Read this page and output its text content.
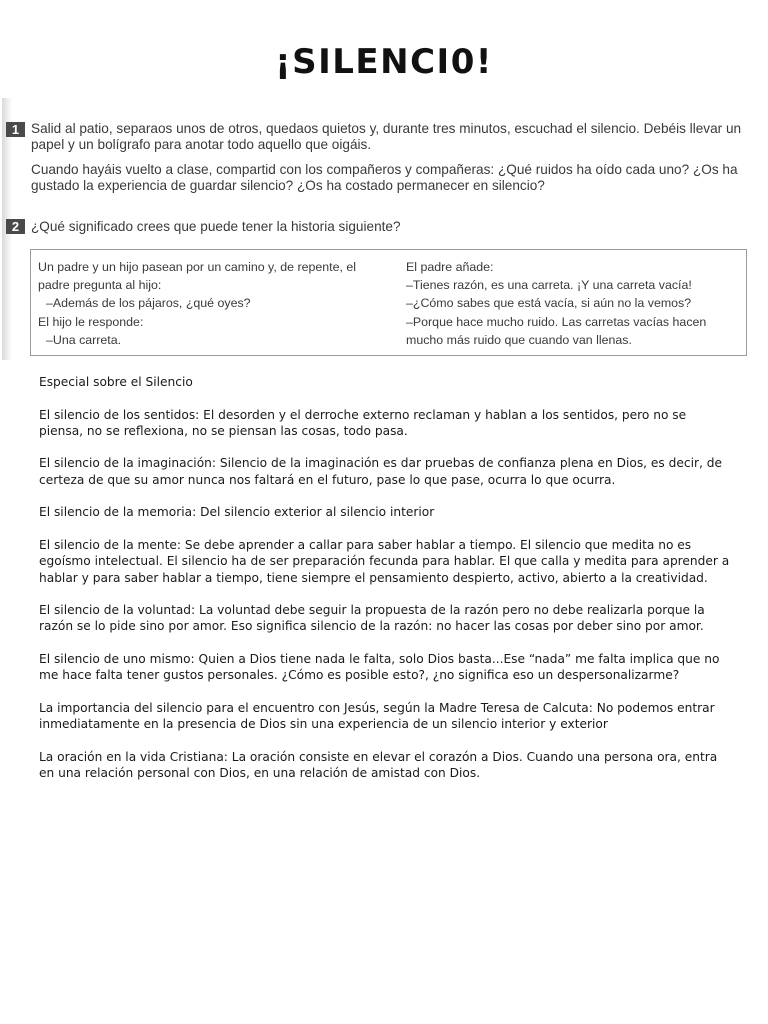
¡SILENCI0!
1 Salid al patio, separaos unos de otros, quedaos quietos y, durante tres minutos, escuchad el silencio. Debéis llevar un papel y un bolígrafo para anotar todo aquello que oigáis.
Cuando hayáis vuelto a clase, compartid con los compañeros y compañeras: ¿Qué ruidos ha oído cada uno? ¿Os ha gustado la experiencia de guardar silencio? ¿Os ha costado permanecer en silencio?
2 ¿Qué significado crees que puede tener la historia siguiente?
Un padre y un hijo pasean por un camino y, de repente, el
padre pregunta al hijo:
–Además de los pájaros, ¿qué oyes?
El hijo le responde:
–Una carreta.
El padre añade:
–Tienes razón, es una carreta. ¡Y una carreta vacía!
–¿Cómo sabes que está vacía, si aún no la vemos?
–Porque hace mucho ruido. Las carretas vacías hacen
mucho más ruido que cuando van llenas.

Especial sobre el Silencio

El silencio de los sentidos: El desorden y el derroche externo reclaman y hablan a los sentidos, pero no se piensa, no se reflexiona, no se piensan las cosas, todo pasa.

El silencio de la imaginación: Silencio de la imaginación es dar pruebas de confianza plena en Dios, es decir, de certeza de que su amor nunca nos faltará en el futuro, pase lo que pase, ocurra lo que ocurra.

El silencio de la memoria: Del silencio exterior al silencio interior

El silencio de la mente: Se debe aprender a callar para saber hablar a tiempo. El silencio que medita no es egoísmo intelectual. El silencio ha de ser preparación fecunda para hablar. El que calla y medita para aprender a hablar y para saber hablar a tiempo, tiene siempre el pensamiento despierto, activo, abierto a la creatividad.

El silencio de la voluntad: La voluntad debe seguir la propuesta de la razón pero no debe realizarla porque la razón se lo pide sino por amor. Eso significa silencio de la razón: no hacer las cosas por deber sino por amor.

El silencio de uno mismo: Quien a Dios tiene nada le falta, solo Dios basta...Ese “nada” me falta implica que no me hace falta tener gustos personales. ¿Cómo es posible esto?, ¿no significa eso un despersonalizarme?

La importancia del silencio para el encuentro con Jesús, según la Madre Teresa de Calcuta: No podemos entrar inmediatamente en la presencia de Dios sin una experiencia de un silencio interior y exterior

La oración en la vida Cristiana: La oración consiste en elevar el corazón a Dios. Cuando una persona ora, entra en una relación personal con Dios, en una relación de amistad con Dios.
